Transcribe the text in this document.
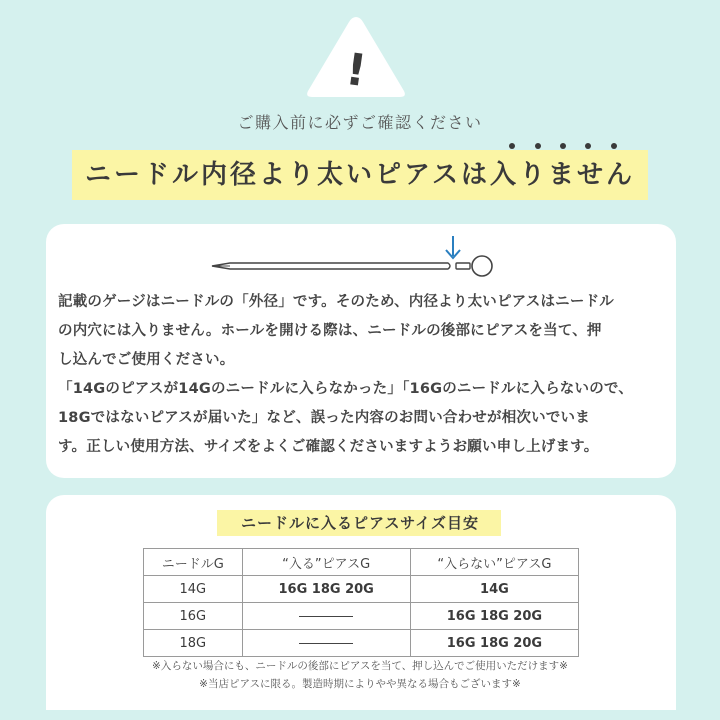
!
ご購入前に必ずご確認ください
ニードル内径より太いピアスは入りません
記載のゲージはニードルの「外径」です。そのため、内径より太いピアスはニードル
の内穴には入りません。ホールを開ける際は、ニードルの後部にピアスを当て、押
し込んでご使用ください。
「14Gのピアスが14Gのニードルに入らなかった」「16Gのニードルに入らないので、
18Gではないピアスが届いた」など、誤った内容のお問い合わせが相次いでいま
す。正しい使用方法、サイズをよくご確認くださいますようお願い申し上げます。
ニードルに入るピアスサイズ目安
ニードルG	“入る”ピアスG	“入らない”ピアスG
14G	16G 18G 20G	14G
16G		16G 18G 20G
18G		16G 18G 20G
※入らない場合にも、ニードルの後部にピアスを当て、押し込んでご使用いただけます※
※当店ピアスに限る。製造時期によりやや異なる場合もございます※
